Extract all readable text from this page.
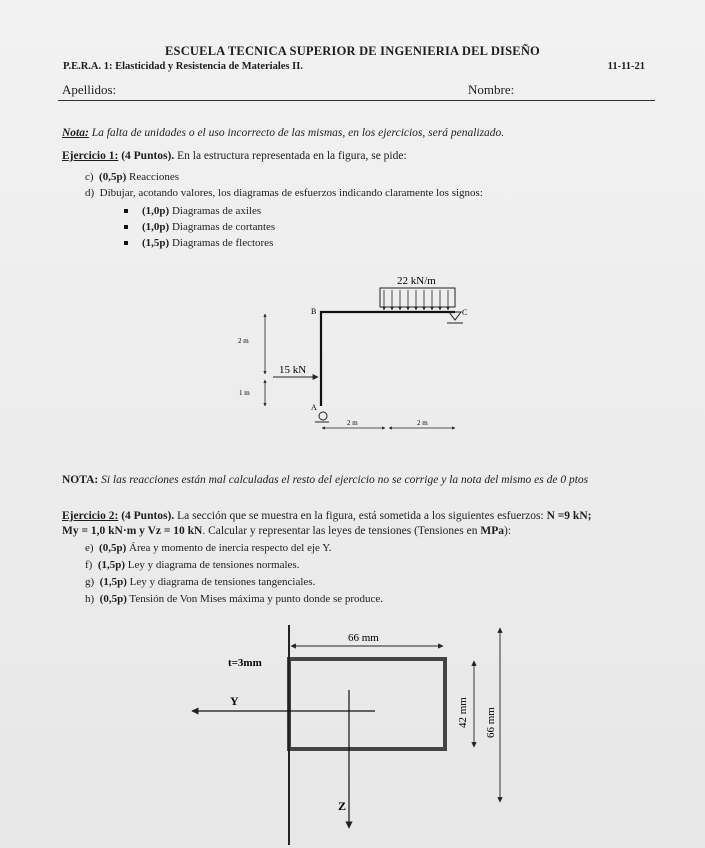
ESCUELA TECNICA SUPERIOR DE INGENIERIA DEL DISEÑO
P.E.R.A. 1: Elasticidad y Resistencia de Materiales II.	11-11-21
Apellidos:	Nombre:
Nota: La falta de unidades o el uso incorrecto de las mismas, en los ejercicios, será penalizado.
Ejercicio 1: (4 Puntos). En la estructura representada en la figura, se pide:
c) (0,5p) Reacciones
d) Dibujar, acotando valores, los diagramas de esfuerzos indicando claramente los signos:
(1,0p) Diagramas de axiles
(1,0p) Diagramas de cortantes
(1,5p) Diagramas de flectores
22 kN/m
B	C
A
15 kN
2 m
1 m
2 m	2 m
NOTA: Si las reacciones están mal calculadas el resto del ejercicio no se corrige y la nota del mismo es de 0 ptos
Ejercicio 2: (4 Puntos). La sección que se muestra en la figura, está sometida a los siguientes esfuerzos: N =9 kN;
My = 1,0 kN·m y Vz = 10 kN. Calcular y representar las leyes de tensiones (Tensiones en MPa):
e) (0,5p) Área y momento de inercia respecto del eje Y.
f) (1,5p) Ley y diagrama de tensiones normales.
g) (1,5p) Ley y diagrama de tensiones tangenciales.
h) (0,5p) Tensión de Von Mises máxima y punto donde se produce.
Y
Z
66 mm
t=3mm
42 mm 66 mm
